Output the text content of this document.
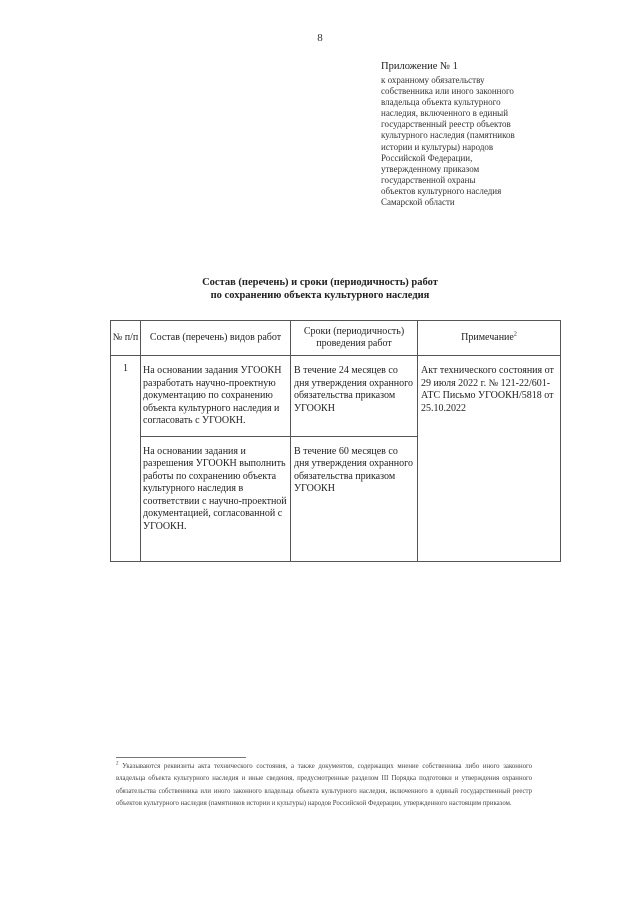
8
Приложение № 1
к охранному обязательству
собственника или иного законного
владельца объекта культурного
наследия, включенного в единый
государственный реестр объектов
культурного наследия (памятников
истории и культуры) народов
Российской Федерации,
утвержденному приказом
государственной охраны
объектов культурного наследия
Самарской области
Состав (перечень) и сроки (периодичность) работ
по сохранению объекта культурного наследия
№ п/п	Состав (перечень) видов работ	Сроки (периодичность) проведения работ	Примечание$^2$

1	На основании задания УГООКН разработать научно-проектную документацию по сохранению объекта культурного наследия и согласовать с УГООКН.	В течение 24 месяцев со дня утверждения охранного обязательства приказом УГООКН	Акт технического состояния от 29 июля 2022 г. № 121-22/601-АТС Письмо УГООКН/5818 от 25.10.2022

	На основании задания и разрешения УГООКН выполнить работы по сохранению объекта культурного наследия в соответствии с научно-проектной документацией, согласованной с УГООКН.	В течение 60 месяцев со дня утверждения охранного обязательства приказом УГООКН	
$^2$ Указываются реквизиты акта технического состояния, а также документов, содержащих мнение собственника либо иного законного владельца объекта культурного наследия и иные сведения, предусмотренные разделом III Порядка подготовки и утверждения охранного обязательства собственника или иного законного владельца объекта культурного наследия, включенного в единый государственный реестр объектов культурного наследия (памятников истории и культуры) народов Российской Федерации, утвержденного настоящим приказом.
